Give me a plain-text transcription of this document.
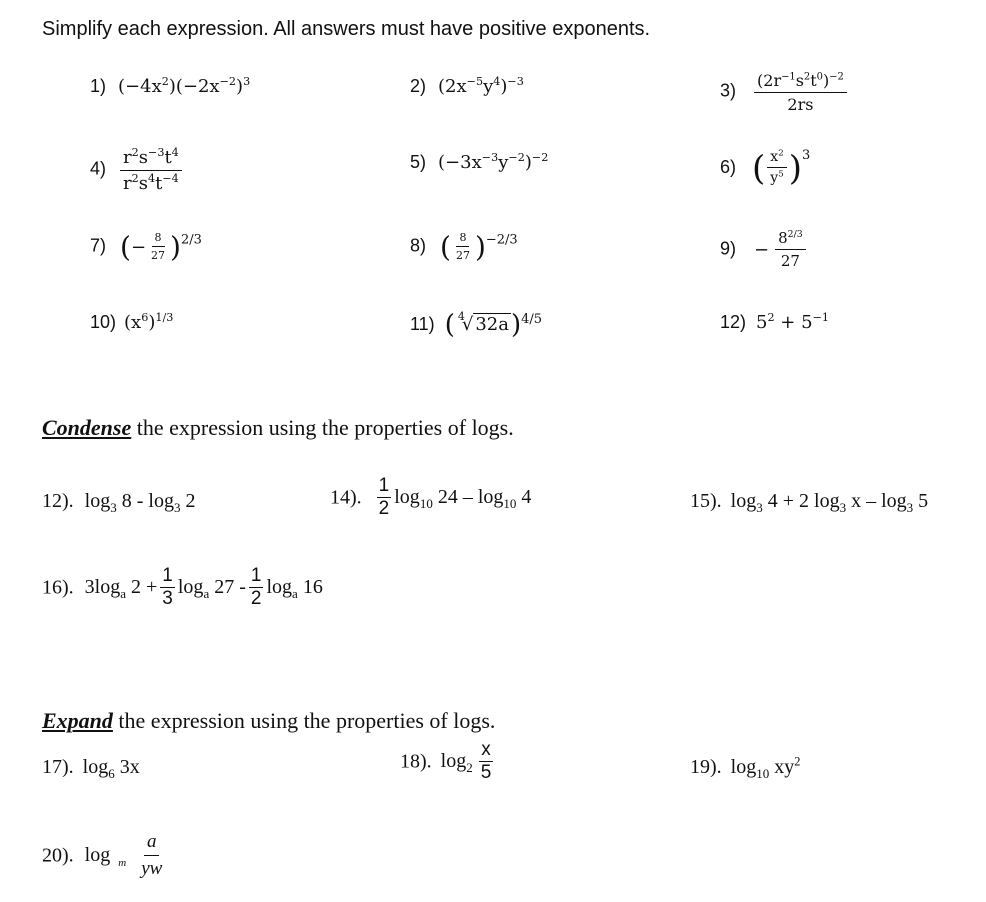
Simplify each expression. All answers must have positive exponents.
1) $(-4x^2)(-2x^{-2})^3$	2) $(2x^{-5}y^4)^{-3}$	$3) \frac{(2r^{-1}s^2t^0)^{-2}}{2rs}$
$4) \frac{r^2s^{-3}t^4}{r^2s^4t^{-4}}$	5) $(-3x^{-3}y^{-2})^{-2}$	6) ( $\frac{x^2}{y^5} )^3$
7) (− $\frac{8}{27} )^{2/3}$	8) ( $\frac{8}{27} )^{-2/3}$	$9) - \frac{8^{2/3}}{27}$
10) $(x^6)^{1/3}$	11) ( $^4$√ 32a)$^{4/5}$	12) $5^2 + 5^{-1}$
Condense the expression using the properties of logs.
12). $\log_3 8 - \log_3 2$	14). $\frac{1}{2} \log_{10} 24 - \log_{10} 4$	15). $\log_3 4 + 2$ $\log_3 x - \log_3 5$
16). $3\log_a$ $2 + \frac{1}{3} \log_a 27 - \frac{1}{2} \log_a 16$
Expand the expression using the properties of logs.
17). $\log_6 3x$	18). $\log_2 \frac{x}{5}$	19). $\log_{10} xy^2$
20). $\log _m \frac{a}{yw}$
